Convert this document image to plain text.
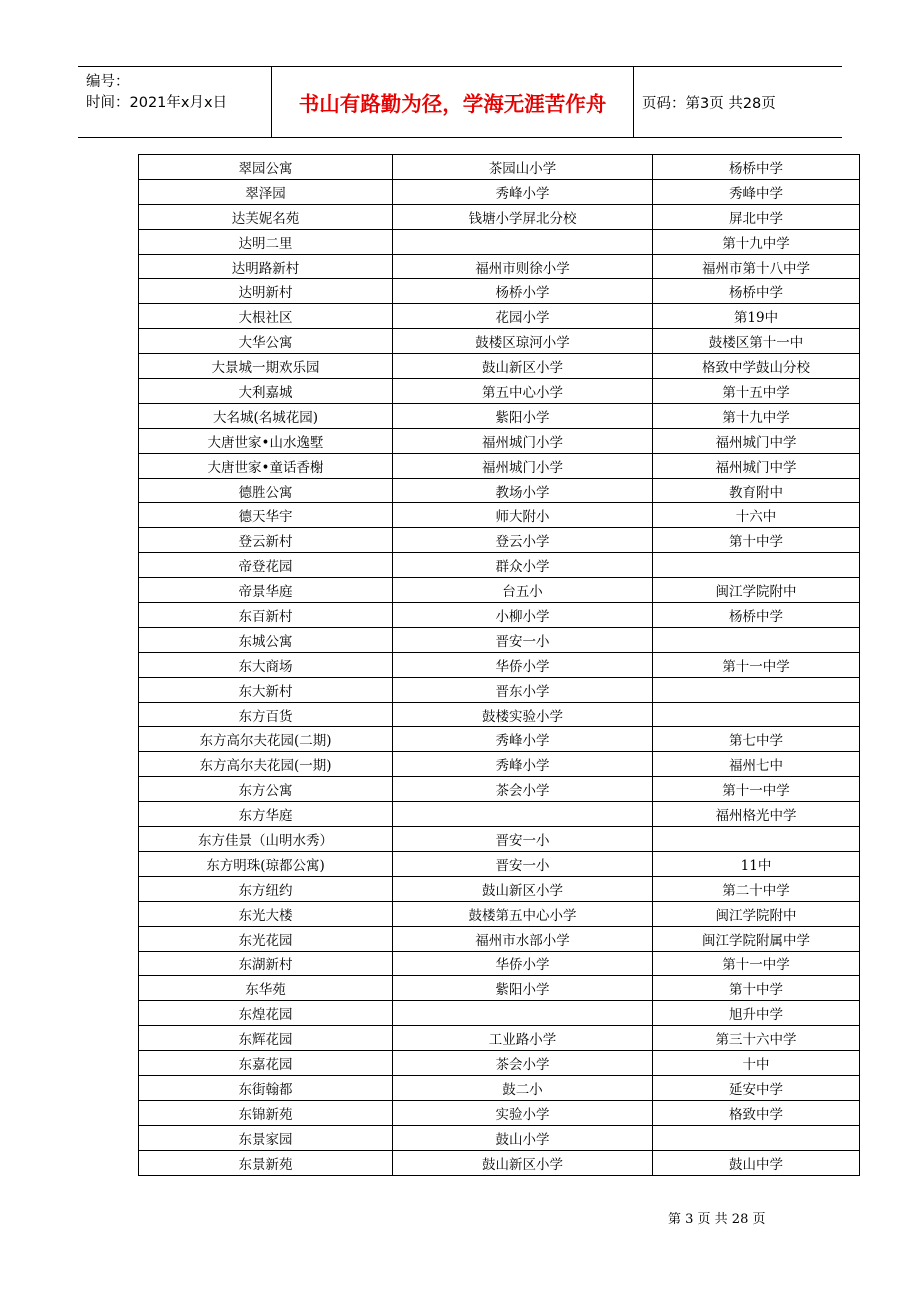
编号：
时间：2021年x月x日	书山有路勤为径，学海无涯苦作舟	页码：第3页 共28页
翠园公寓	茶园山小学	杨桥中学
翠泽园	秀峰小学	秀峰中学
达芙妮名苑	钱塘小学屏北分校	屏北中学
达明二里		第十九中学
达明路新村	福州市则徐小学	福州市第十八中学
达明新村	杨桥小学	杨桥中学
大根社区	花园小学	第19中
大华公寓	鼓楼区琼河小学	鼓楼区第十一中
大景城一期欢乐园	鼓山新区小学	格致中学鼓山分校
大利嘉城	第五中心小学	第十五中学
大名城(名城花园)	紫阳小学	第十九中学
大唐世家•山水逸墅	福州城门小学	福州城门中学
大唐世家•童话香榭	福州城门小学	福州城门中学
德胜公寓	教场小学	教育附中
德天华宇	师大附小	十六中
登云新村	登云小学	第十中学
帝登花园	群众小学	
帝景华庭	台五小	闽江学院附中
东百新村	小柳小学	杨桥中学
东城公寓	晋安一小	
东大商场	华侨小学	第十一中学
东大新村	晋东小学	
东方百货	鼓楼实验小学	
东方高尔夫花园(二期)	秀峰小学	第七中学
东方高尔夫花园(一期)	秀峰小学	福州七中
东方公寓	茶会小学	第十一中学
东方华庭		福州格光中学
东方佳景（山明水秀）	晋安一小	
东方明珠(琼都公寓)	晋安一小	11中
东方纽约	鼓山新区小学	第二十中学
东光大楼	鼓楼第五中心小学	闽江学院附中
东光花园	福州市水部小学	闽江学院附属中学
东湖新村	华侨小学	第十一中学
东华苑	紫阳小学	第十中学
东煌花园		旭升中学
东辉花园	工业路小学	第三十六中学
东嘉花园	茶会小学	十中
东街翰都	鼓二小	延安中学
东锦新苑	实验小学	格致中学
东景家园	鼓山小学	
东景新苑	鼓山新区小学	鼓山中学
第 3 页 共 28 页
